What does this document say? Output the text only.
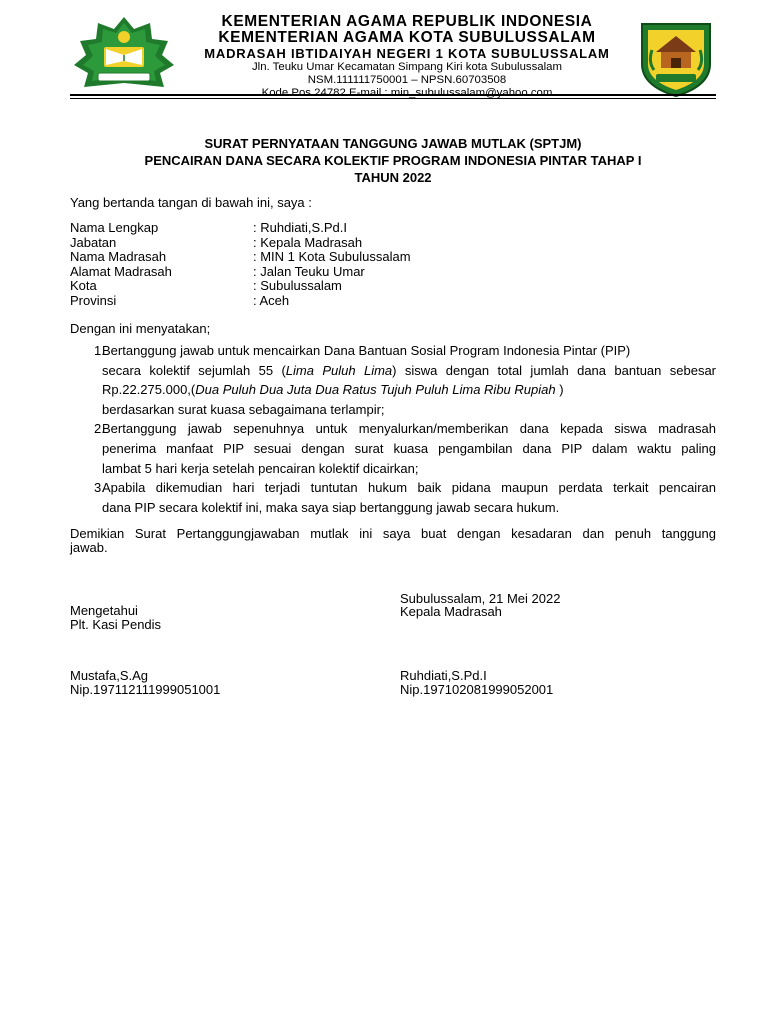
KEMENTERIAN AGAMA REPUBLIK INDONESIA
KEMENTERIAN AGAMA KOTA SUBULUSSALAM
MADRASAH IBTIDAIYAH NEGERI 1 KOTA SUBULUSSALAM
Jln. Teuku Umar Kecamatan Simpang Kiri kota Subulussalam
NSM.111111750001 – NPSN.60703508
Kode Pos 24782 E-mail : min_subulussalam@yahoo.com
SURAT PERNYATAAN TANGGUNG JAWAB MUTLAK (SPTJM)
PENCAIRAN DANA SECARA KOLEKTIF PROGRAM INDONESIA PINTAR TAHAP I
TAHUN 2022
Yang bertanda tangan di bawah ini, saya :
Nama Lengkap	: Ruhdiati,S.Pd.I
Jabatan	: Kepala Madrasah
Nama Madrasah	: MIN 1 Kota Subulussalam
Alamat Madrasah	: Jalan Teuku Umar
Kota	: Subulussalam
Provinsi	: Aceh
Dengan ini menyatakan;
1.
Bertanggung jawab untuk mencairkan Dana Bantuan Sosial Program Indonesia Pintar (PIP)
secara kolektif sejumlah 55 (Lima Puluh Lima) siswa dengan total jumlah dana bantuan sebesar
Rp.22.275.000,(Dua Puluh Dua Juta Dua Ratus Tujuh Puluh Lima Ribu Rupiah )
berdasarkan surat kuasa sebagaimana terlampir;
2.
Bertanggung jawab sepenuhnya untuk menyalurkan/memberikan dana kepada siswa madrasah
penerima manfaat PIP sesuai dengan surat kuasa pengambilan dana PIP dalam waktu paling
lambat 5 hari kerja setelah pencairan kolektif dicairkan;
3.
Apabila dikemudian hari terjadi tuntutan hukum baik pidana maupun perdata terkait pencairan
dana PIP secara kolektif ini, maka saya siap bertanggung jawab secara hukum.
Demikian Surat Pertanggungjawaban mutlak ini saya buat dengan kesadaran dan penuh tanggung
jawab.
Subulussalam, 21 Mei 2022
Kepala Madrasah
Mengetahui
Plt. Kasi Pendis
Mustafa,S.Ag
Nip.197112111999051001
Ruhdiati,S.Pd.I
Nip.197102081999052001
